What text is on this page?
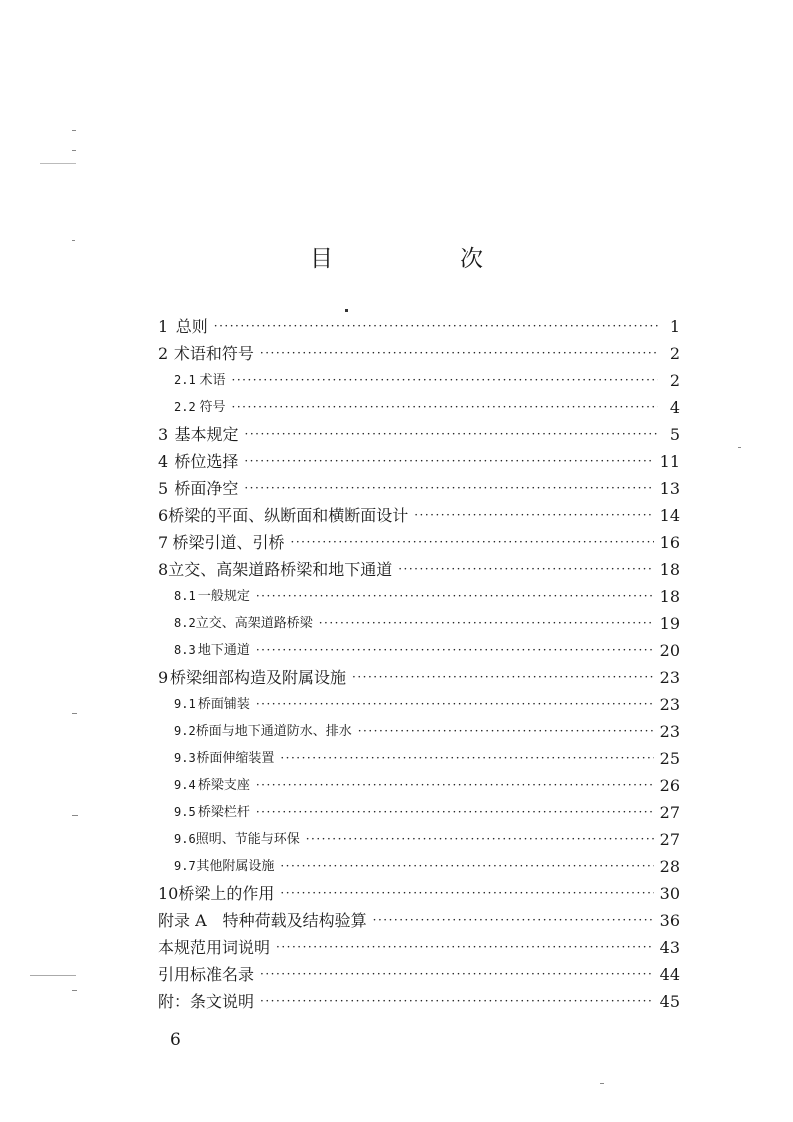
目　次
1 总则 ·····	1
2 术语和符号 ·····	2
2.1 术语 ·····	2
2.2 符号 ·····	4
3 基本规定 ·····	5
4 桥位选择 ·····	11
5 桥面净空 ·····	13
6 桥梁的平面、纵断面和横断面设计 ·····	14
7 桥梁引道、引桥 ·····	16
8 立交、高架道路桥梁和地下通道 ·····	18
8.1 一般规定 ·····	18
8.2 立交、高架道路桥梁 ·····	19
8.3 地下通道 ·····	20
9 桥梁细部构造及附属设施 ·····	23
9.1 桥面铺装 ·····	23
9.2 桥面与地下通道防水、排水 ·····	23
9.3 桥面伸缩装置 ·····	25
9.4 桥梁支座 ·····	26
9.5 桥梁栏杆 ·····	27
9.6 照明、节能与环保 ·····	27
9.7 其他附属设施 ·····	28
10 桥梁上的作用 ·····	30
附录 A　特种荷载及结构验算 ·····	36
本规范用词说明 ·····	43
引用标准名录 ·····	44
附：条文说明 ·····	45
6
